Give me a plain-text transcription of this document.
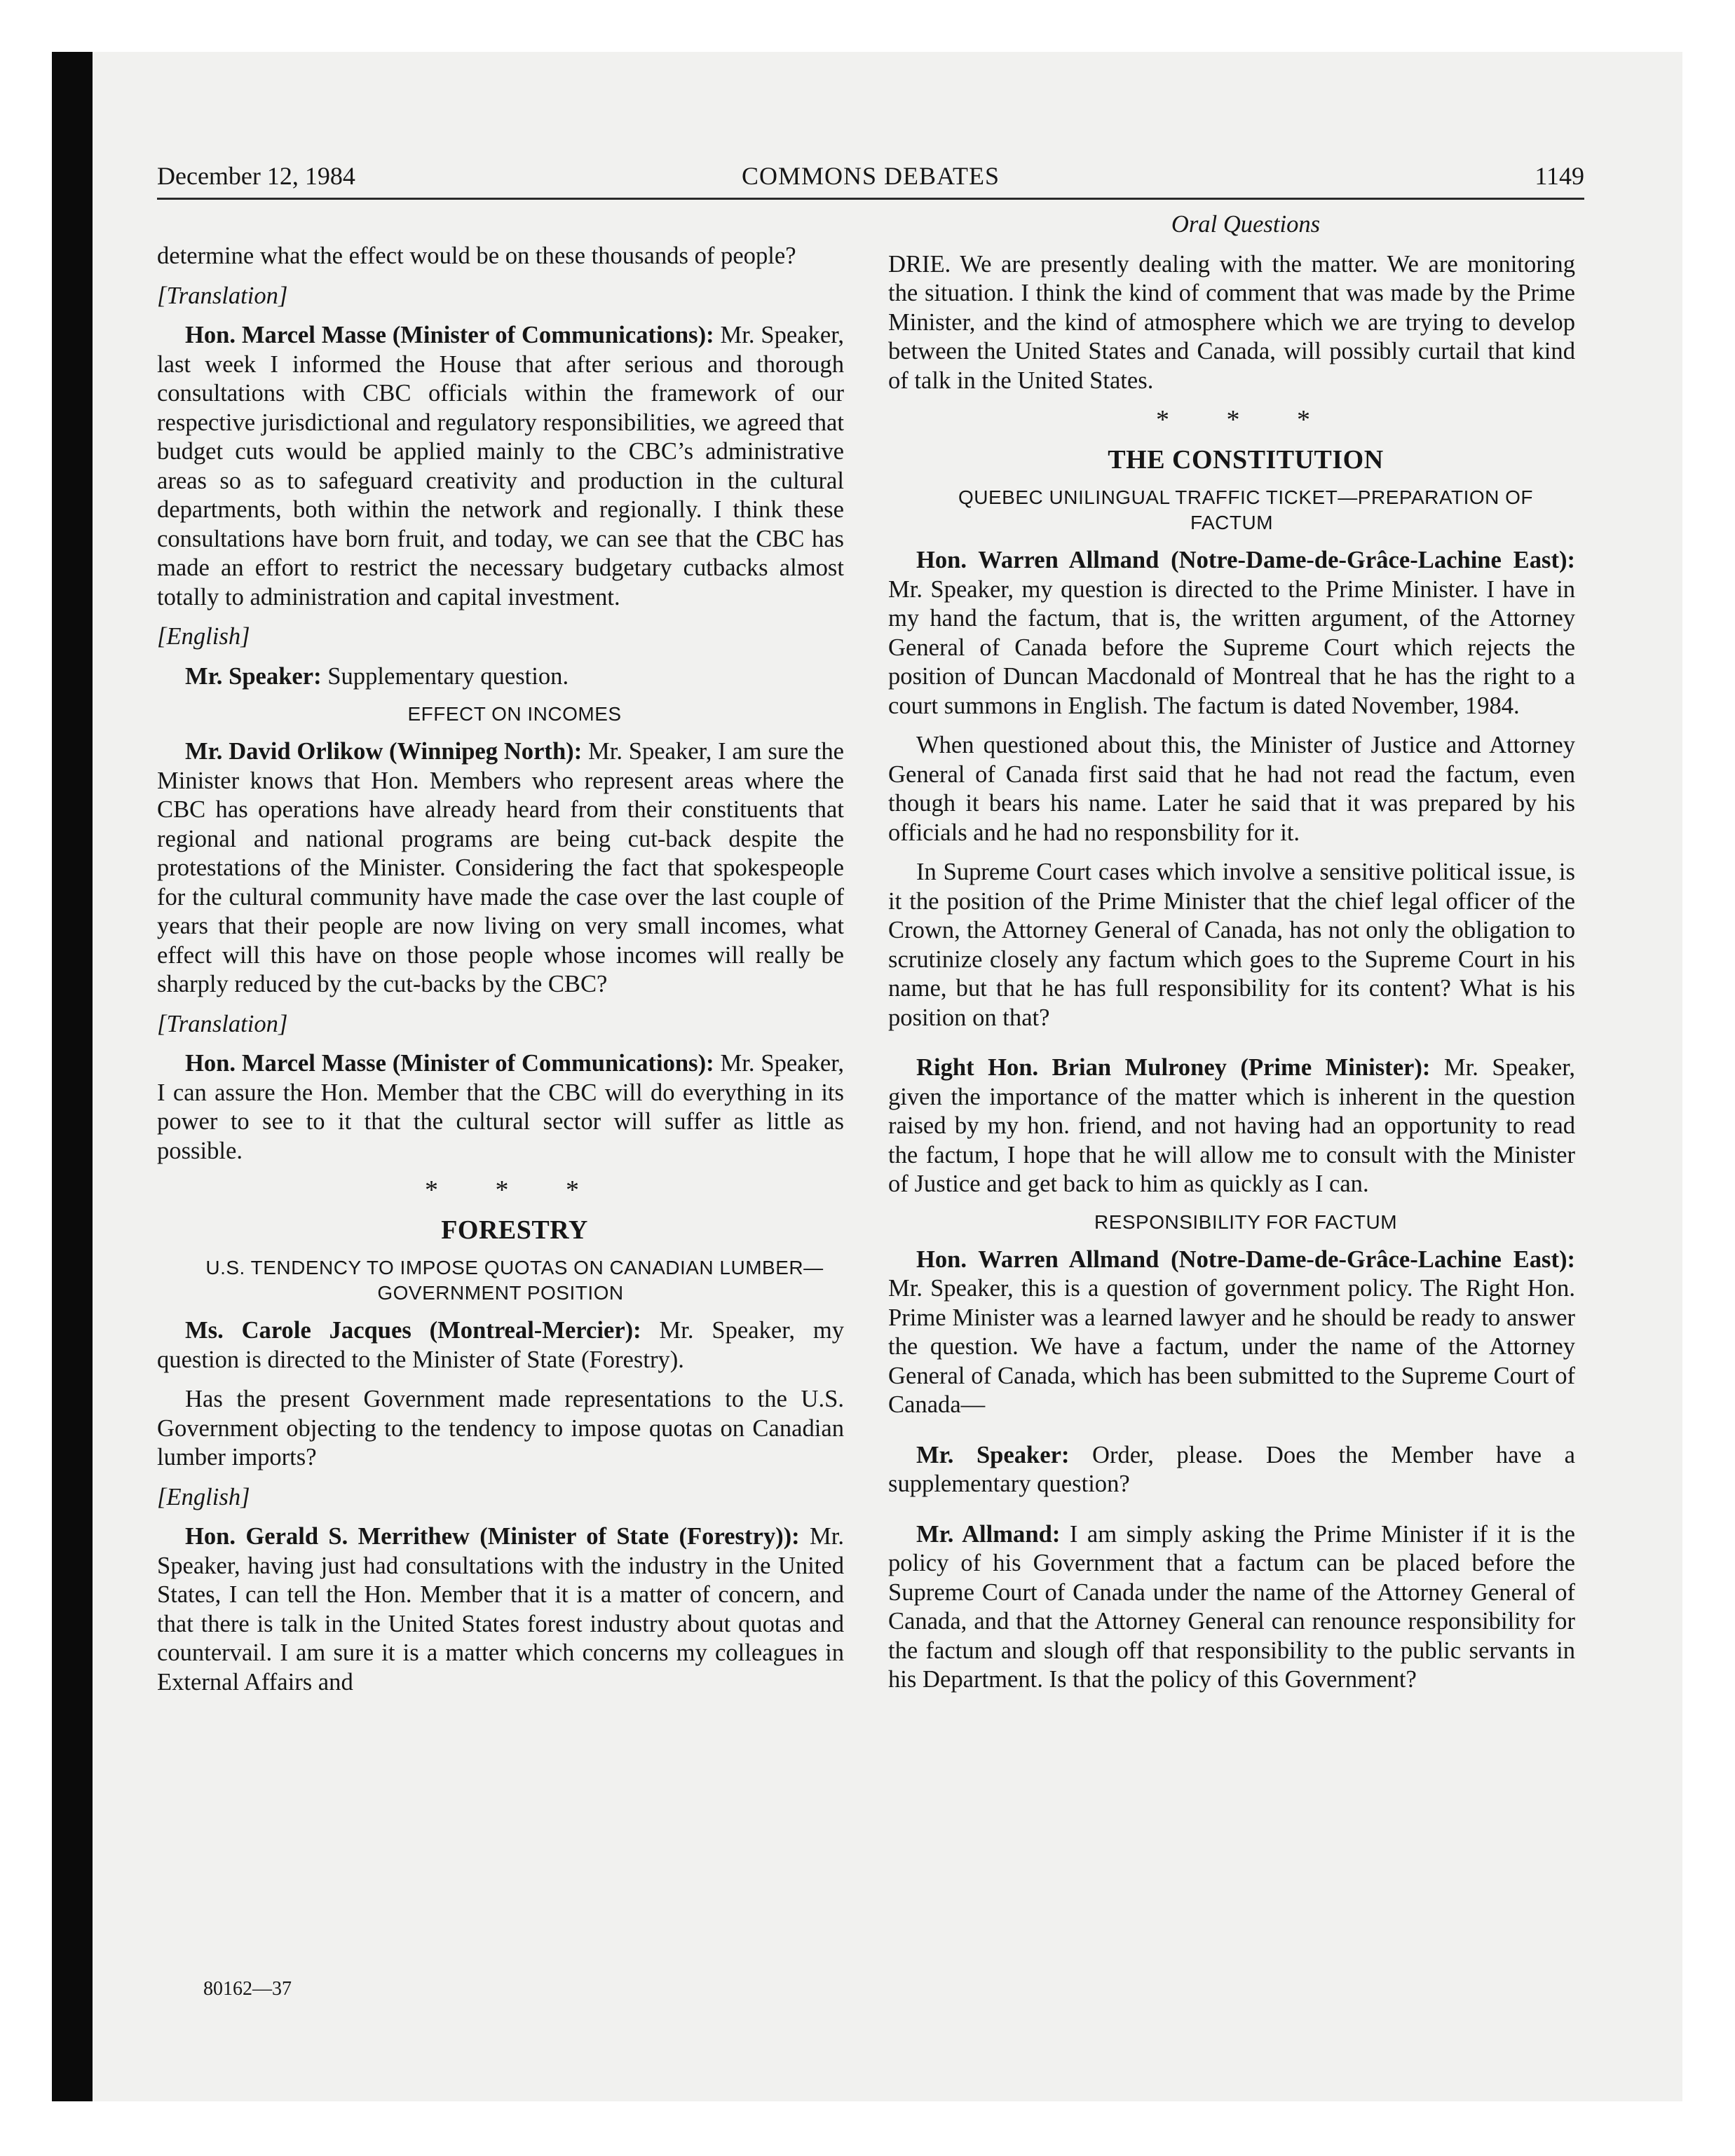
December 12, 1984	COMMONS DEBATES	1149

determine what the effect would be on these thousands of people?

[Translation]

Hon. Marcel Masse (Minister of Communications): Mr. Speaker, last week I informed the House that after serious and thorough consultations with CBC officials within the framework of our respective jurisdictional and regulatory responsibilities, we agreed that budget cuts would be applied mainly to the CBC’s administrative areas so as to safeguard creativity and production in the cultural departments, both within the network and regionally. I think these consultations have born fruit, and today, we can see that the CBC has made an effort to restrict the necessary budgetary cutbacks almost totally to administration and capital investment.

[English]

Mr. Speaker: Supplementary question.

EFFECT ON INCOMES

Mr. David Orlikow (Winnipeg North): Mr. Speaker, I am sure the Minister knows that Hon. Members who represent areas where the CBC has operations have already heard from their constituents that regional and national programs are being cut-back despite the protestations of the Minister. Considering the fact that spokespeople for the cultural community have made the case over the last couple of years that their people are now living on very small incomes, what effect will this have on those people whose incomes will really be sharply reduced by the cut-backs by the CBC?

[Translation]

Hon. Marcel Masse (Minister of Communications): Mr. Speaker, I can assure the Hon. Member that the CBC will do everything in its power to see to it that the cultural sector will suffer as little as possible.

* * *

FORESTRY

U.S. TENDENCY TO IMPOSE QUOTAS ON CANADIAN LUMBER—GOVERNMENT POSITION

Ms. Carole Jacques (Montreal-Mercier): Mr. Speaker, my question is directed to the Minister of State (Forestry).

Has the present Government made representations to the U.S. Government objecting to the tendency to impose quotas on Canadian lumber imports?

[English]

Hon. Gerald S. Merrithew (Minister of State (Forestry)): Mr. Speaker, having just had consultations with the industry in the United States, I can tell the Hon. Member that it is a matter of concern, and that there is talk in the United States forest industry about quotas and countervail. I am sure it is a matter which concerns my colleagues in External Affairs and

Oral Questions

DRIE. We are presently dealing with the matter. We are monitoring the situation. I think the kind of comment that was made by the Prime Minister, and the kind of atmosphere which we are trying to develop between the United States and Canada, will possibly curtail that kind of talk in the United States.

* * *

THE CONSTITUTION

QUEBEC UNILINGUAL TRAFFIC TICKET—PREPARATION OF FACTUM

Hon. Warren Allmand (Notre-Dame-de-Grâce-Lachine East): Mr. Speaker, my question is directed to the Prime Minister. I have in my hand the factum, that is, the written argument, of the Attorney General of Canada before the Supreme Court which rejects the position of Duncan Macdonald of Montreal that he has the right to a court summons in English. The factum is dated November, 1984.

When questioned about this, the Minister of Justice and Attorney General of Canada first said that he had not read the factum, even though it bears his name. Later he said that it was prepared by his officials and he had no responsbility for it.

In Supreme Court cases which involve a sensitive political issue, is it the position of the Prime Minister that the chief legal officer of the Crown, the Attorney General of Canada, has not only the obligation to scrutinize closely any factum which goes to the Supreme Court in his name, but that he has full responsibility for its content? What is his position on that?

Right Hon. Brian Mulroney (Prime Minister): Mr. Speaker, given the importance of the matter which is inherent in the question raised by my hon. friend, and not having had an opportunity to read the factum, I hope that he will allow me to consult with the Minister of Justice and get back to him as quickly as I can.

RESPONSIBILITY FOR FACTUM

Hon. Warren Allmand (Notre-Dame-de-Grâce-Lachine East): Mr. Speaker, this is a question of government policy. The Right Hon. Prime Minister was a learned lawyer and he should be ready to answer the question. We have a factum, under the name of the Attorney General of Canada, which has been submitted to the Supreme Court of Canada—

Mr. Speaker: Order, please. Does the Member have a supplementary question?

Mr. Allmand: I am simply asking the Prime Minister if it is the policy of his Government that a factum can be placed before the Supreme Court of Canada under the name of the Attorney General of Canada, and that the Attorney General can renounce responsibility for the factum and slough off that responsibility to the public servants in his Department. Is that the policy of this Government?

80162—37
